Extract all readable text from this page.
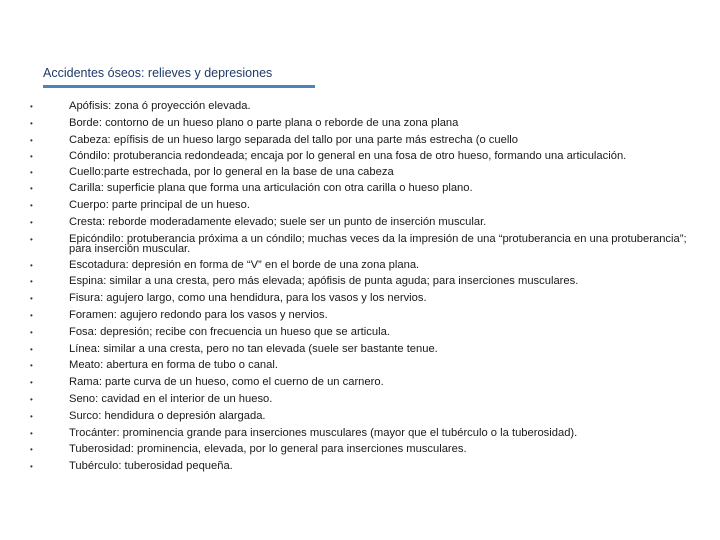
Accidentes óseos: relieves y depresiones
•	Apófisis: zona ó proyección elevada.
•	Borde: contorno de un hueso plano o parte plana o reborde de una zona plana
•	Cabeza: epífisis de un hueso largo separada del tallo por una parte más estrecha (o cuello
•	Cóndilo: protuberancia redondeada; encaja por lo general en una fosa de otro hueso, formando una articulación.
•	Cuello:parte estrechada, por lo general en la base de una cabeza
•	Carilla: superficie plana que forma una articulación con otra carilla o hueso plano.
•	Cuerpo: parte principal de un hueso.
•	Cresta: reborde moderadamente elevado; suele ser un punto de inserción muscular.
•	Epicóndilo: protuberancia próxima a un cóndilo; muchas veces da la impresión de una “protuberancia en una protuberancia”; para inserción muscular.
•	Escotadura: depresión en forma de “V” en el borde de una zona plana.
•	Espina: similar a una cresta, pero más elevada; apófisis de punta aguda; para inserciones musculares.
•	Fisura: agujero largo, como una hendidura, para los vasos y los nervios.
•	Foramen: agujero redondo para los vasos y nervios.
•	Fosa: depresión; recibe con frecuencia un hueso que se articula.
•	Línea: similar a una cresta, pero no tan elevada (suele ser bastante tenue.
•	Meato: abertura en forma de tubo o canal.
•	Rama: parte curva de un hueso, como el cuerno de un carnero.
•	Seno: cavidad en el interior de un hueso.
•	Surco: hendidura o depresión alargada.
•	Trocánter: prominencia grande para inserciones musculares (mayor que el tubérculo o la tuberosidad).
•	Tuberosidad: prominencia, elevada, por lo general para inserciones musculares.
•	Tubérculo: tuberosidad pequeña.
